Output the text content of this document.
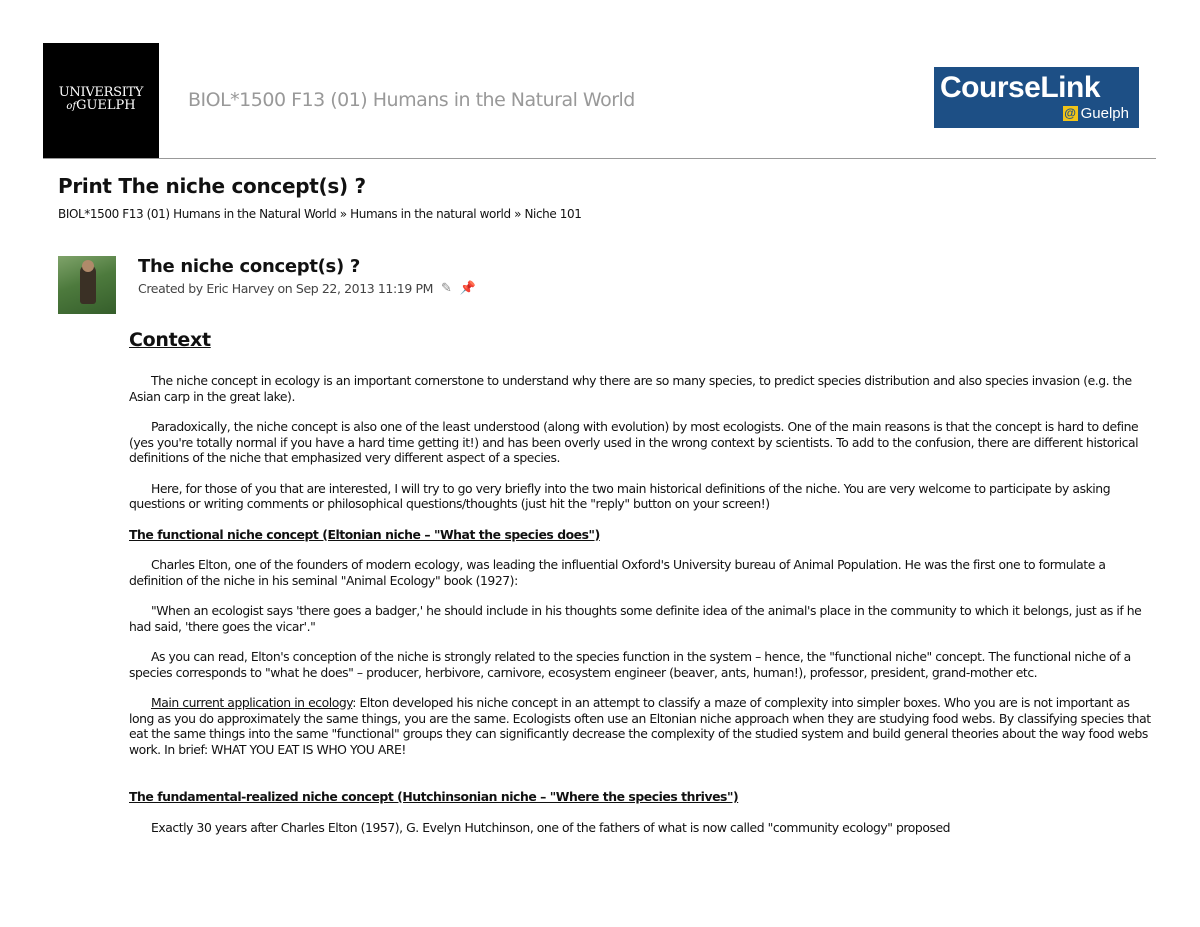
UNIVERSITY
ofGUELPH	BIOL*1500 F13 (01) Humans in the Natural World	CourseLink
@ Guelph
Print The niche concept(s) ?
BIOL*1500 F13 (01) Humans in the Natural World » Humans in the natural world » Niche 101
The niche concept(s) ?
Created by Eric Harvey on Sep 22, 2013 11:19 PM ✎ 📌
Context

The niche concept in ecology is an important cornerstone to understand why there are so many species, to predict species distribution and also species invasion (e.g. the Asian carp in the great lake).

Paradoxically, the niche concept is also one of the least understood (along with evolution) by most ecologists. One of the main reasons is that the concept is hard to define (yes you're totally normal if you have a hard time getting it!) and has been overly used in the wrong context by scientists. To add to the confusion, there are different historical definitions of the niche that emphasized very different aspect of a species.

Here, for those of you that are interested, I will try to go very briefly into the two main historical definitions of the niche. You are very welcome to participate by asking questions or writing comments or philosophical questions/thoughts (just hit the "reply" button on your screen!)

The functional niche concept (Eltonian niche – "What the species does")

Charles Elton, one of the founders of modern ecology, was leading the influential Oxford's University bureau of Animal Population. He was the first one to formulate a definition of the niche in his seminal "Animal Ecology" book (1927):

"When an ecologist says 'there goes a badger,' he should include in his thoughts some definite idea of the animal's place in the community to which it belongs, just as if he had said, 'there goes the vicar'."

As you can read, Elton's conception of the niche is strongly related to the species function in the system – hence, the "functional niche" concept. The functional niche of a species corresponds to "what he does" – producer, herbivore, carnivore, ecosystem engineer (beaver, ants, human!), professor, president, grand-mother etc.

Main current application in ecology: Elton developed his niche concept in an attempt to classify a maze of complexity into simpler boxes. Who you are is not important as long as you do approximately the same things, you are the same. Ecologists often use an Eltonian niche approach when they are studying food webs. By classifying species that eat the same things into the same "functional" groups they can significantly decrease the complexity of the studied system and build general theories about the way food webs work. In brief: WHAT YOU EAT IS WHO YOU ARE!

The fundamental-realized niche concept (Hutchinsonian niche – "Where the species thrives")

Exactly 30 years after Charles Elton (1957), G. Evelyn Hutchinson, one of the fathers of what is now called "community ecology" proposed
